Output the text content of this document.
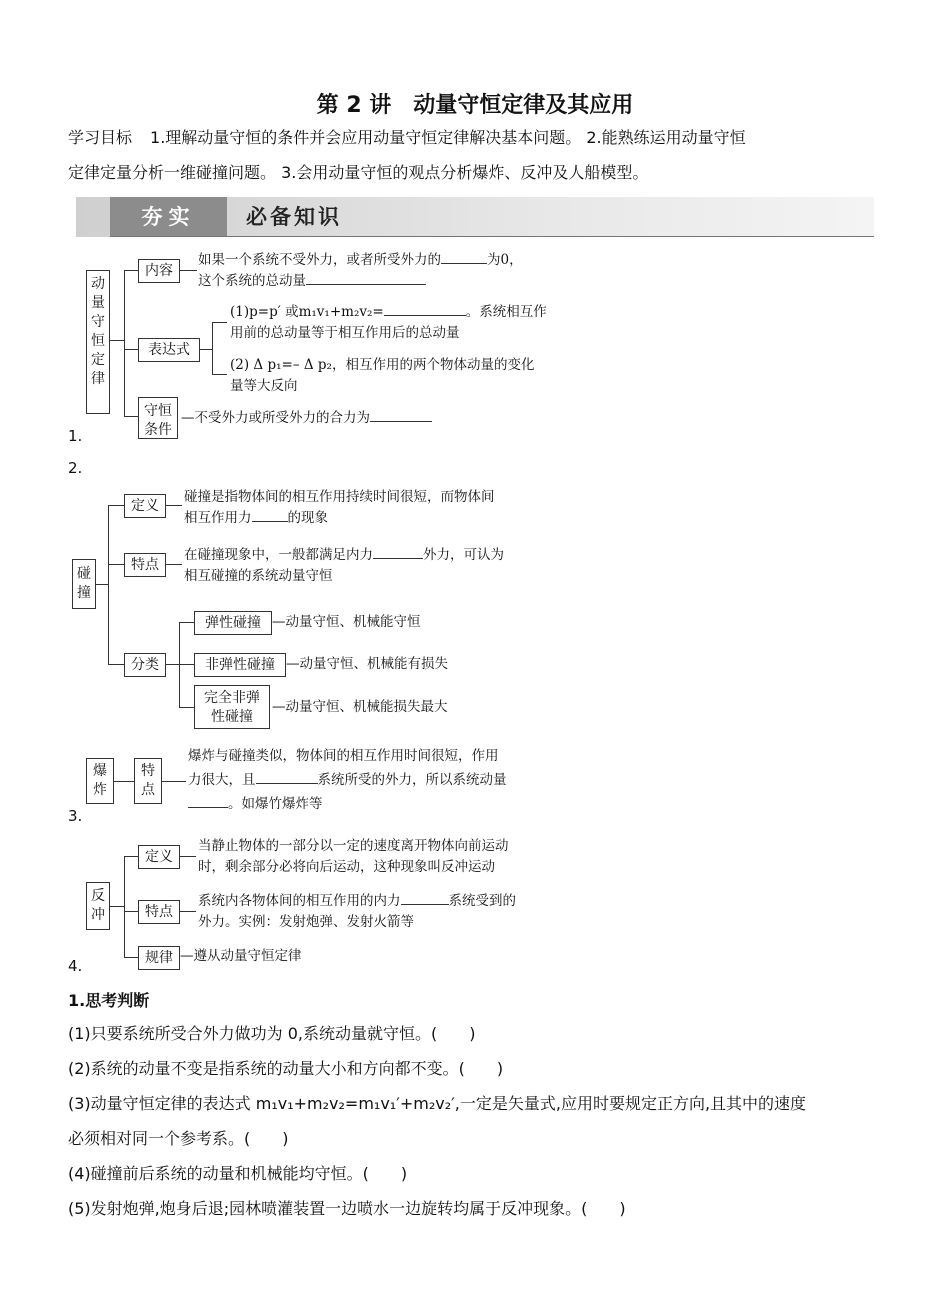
第 2 讲　动量守恒定律及其应用
学习目标 1.理解动量守恒的条件并会应用动量守恒定律解决基本问题。 2.能熟练运用动量守恒
定律定量分析一维碰撞问题。 3.会用动量守恒的观点分析爆炸、反冲及人船模型。
夯实	必备知识
动
量
守
恒
定
律
内容
如果一个系统不受外力，或者所受外力的	为0，
这个系统的总动量
表达式
(1)p=p′ 或m₁v₁+m₂v₂=	。系统相互作
用前的总动量等于相互作用后的总动量
(2) Δ p₁=– Δ p₂，相互作用的两个物体动量的变化
量等大反向
守恒
条件
—不受外力或所受外力的合力为
1.
2.
碰
撞
定义
碰撞是指物体间的相互作用持续时间很短，而物体间
相互作用力	的现象
特点
在碰撞现象中，一般都满足内力	外力，可认为
相互碰撞的系统动量守恒
分类
弹性碰撞 —动量守恒、机械能守恒
非弹性碰撞 —动量守恒、机械能有损失
完全非弹
性碰撞
—动量守恒、机械能损失最大
爆
炸
特
点
爆炸与碰撞类似，物体间的相互作用时间很短，作用
力很大，且	系统所受的外力，所以系统动量
。如爆竹爆炸等
3.
反
冲
定义
当静止物体的一部分以一定的速度离开物体向前运动
时，剩余部分必将向后运动，这种现象叫反冲运动
特点
系统内各物体间的相互作用的内力	系统受到的
外力。实例：发射炮弹、发射火箭等
规律 —遵从动量守恒定律
4.
1.思考判断
(1)只要系统所受合外力做功为 0,系统动量就守恒。(　　)
(2)系统的动量不变是指系统的动量大小和方向都不变。(　　)
(3)动量守恒定律的表达式 m₁v₁+m₂v₂=m₁v₁′+m₂v₂′,一定是矢量式,应用时要规定正方向,且其中的速度
必须相对同一个参考系。(　　)
(4)碰撞前后系统的动量和机械能均守恒。(　　)
(5)发射炮弹,炮身后退;园林喷灌装置一边喷水一边旋转均属于反冲现象。(　　)
